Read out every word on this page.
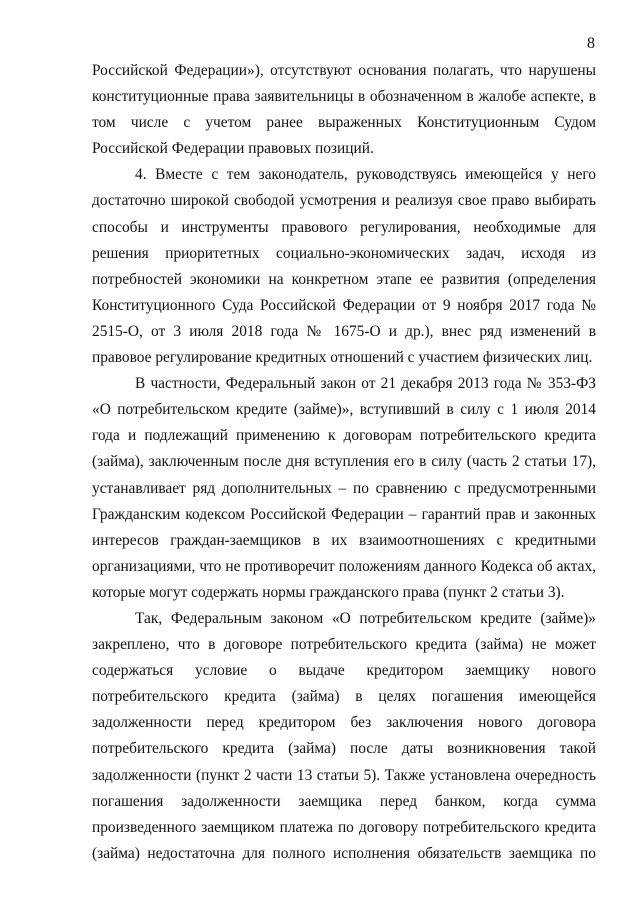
8

Российской Федерации»), отсутствуют основания полагать, что нарушены конституционные права заявительницы в обозначенном в жалобе аспекте, в том числе с учетом ранее выраженных Конституционным Судом Российской Федерации правовых позиций.

4. Вместе с тем законодатель, руководствуясь имеющейся у него достаточно широкой свободой усмотрения и реализуя свое право выбирать способы и инструменты правового регулирования, необходимые для решения приоритетных социально-экономических задач, исходя из потребностей экономики на конкретном этапе ее развития (определения Конституционного Суда Российской Федерации от 9 ноября 2017 года № 2515-О, от 3 июля 2018 года № 1675-О и др.), внес ряд изменений в правовое регулирование кредитных отношений с участием физических лиц.

В частности, Федеральный закон от 21 декабря 2013 года № 353-ФЗ «О потребительском кредите (займе)», вступивший в силу с 1 июля 2014 года и подлежащий применению к договорам потребительского кредита (займа), заключенным после дня вступления его в силу (часть 2 статьи 17), устанавливает ряд дополнительных – по сравнению с предусмотренными Гражданским кодексом Российской Федерации – гарантий прав и законных интересов граждан-заемщиков в их взаимоотношениях с кредитными организациями, что не противоречит положениям данного Кодекса об актах, которые могут содержать нормы гражданского права (пункт 2 статьи 3).

Так, Федеральным законом «О потребительском кредите (займе)» закреплено, что в договоре потребительского кредита (займа) не может содержаться условие о выдаче кредитором заемщику нового потребительского кредита (займа) в целях погашения имеющейся задолженности перед кредитором без заключения нового договора потребительского кредита (займа) после даты возникновения такой задолженности (пункт 2 части 13 статьи 5). Также установлена очередность погашения задолженности заемщика перед банком, когда сумма произведенного заемщиком платежа по договору потребительского кредита (займа) недостаточна для полного исполнения обязательств заемщика по
